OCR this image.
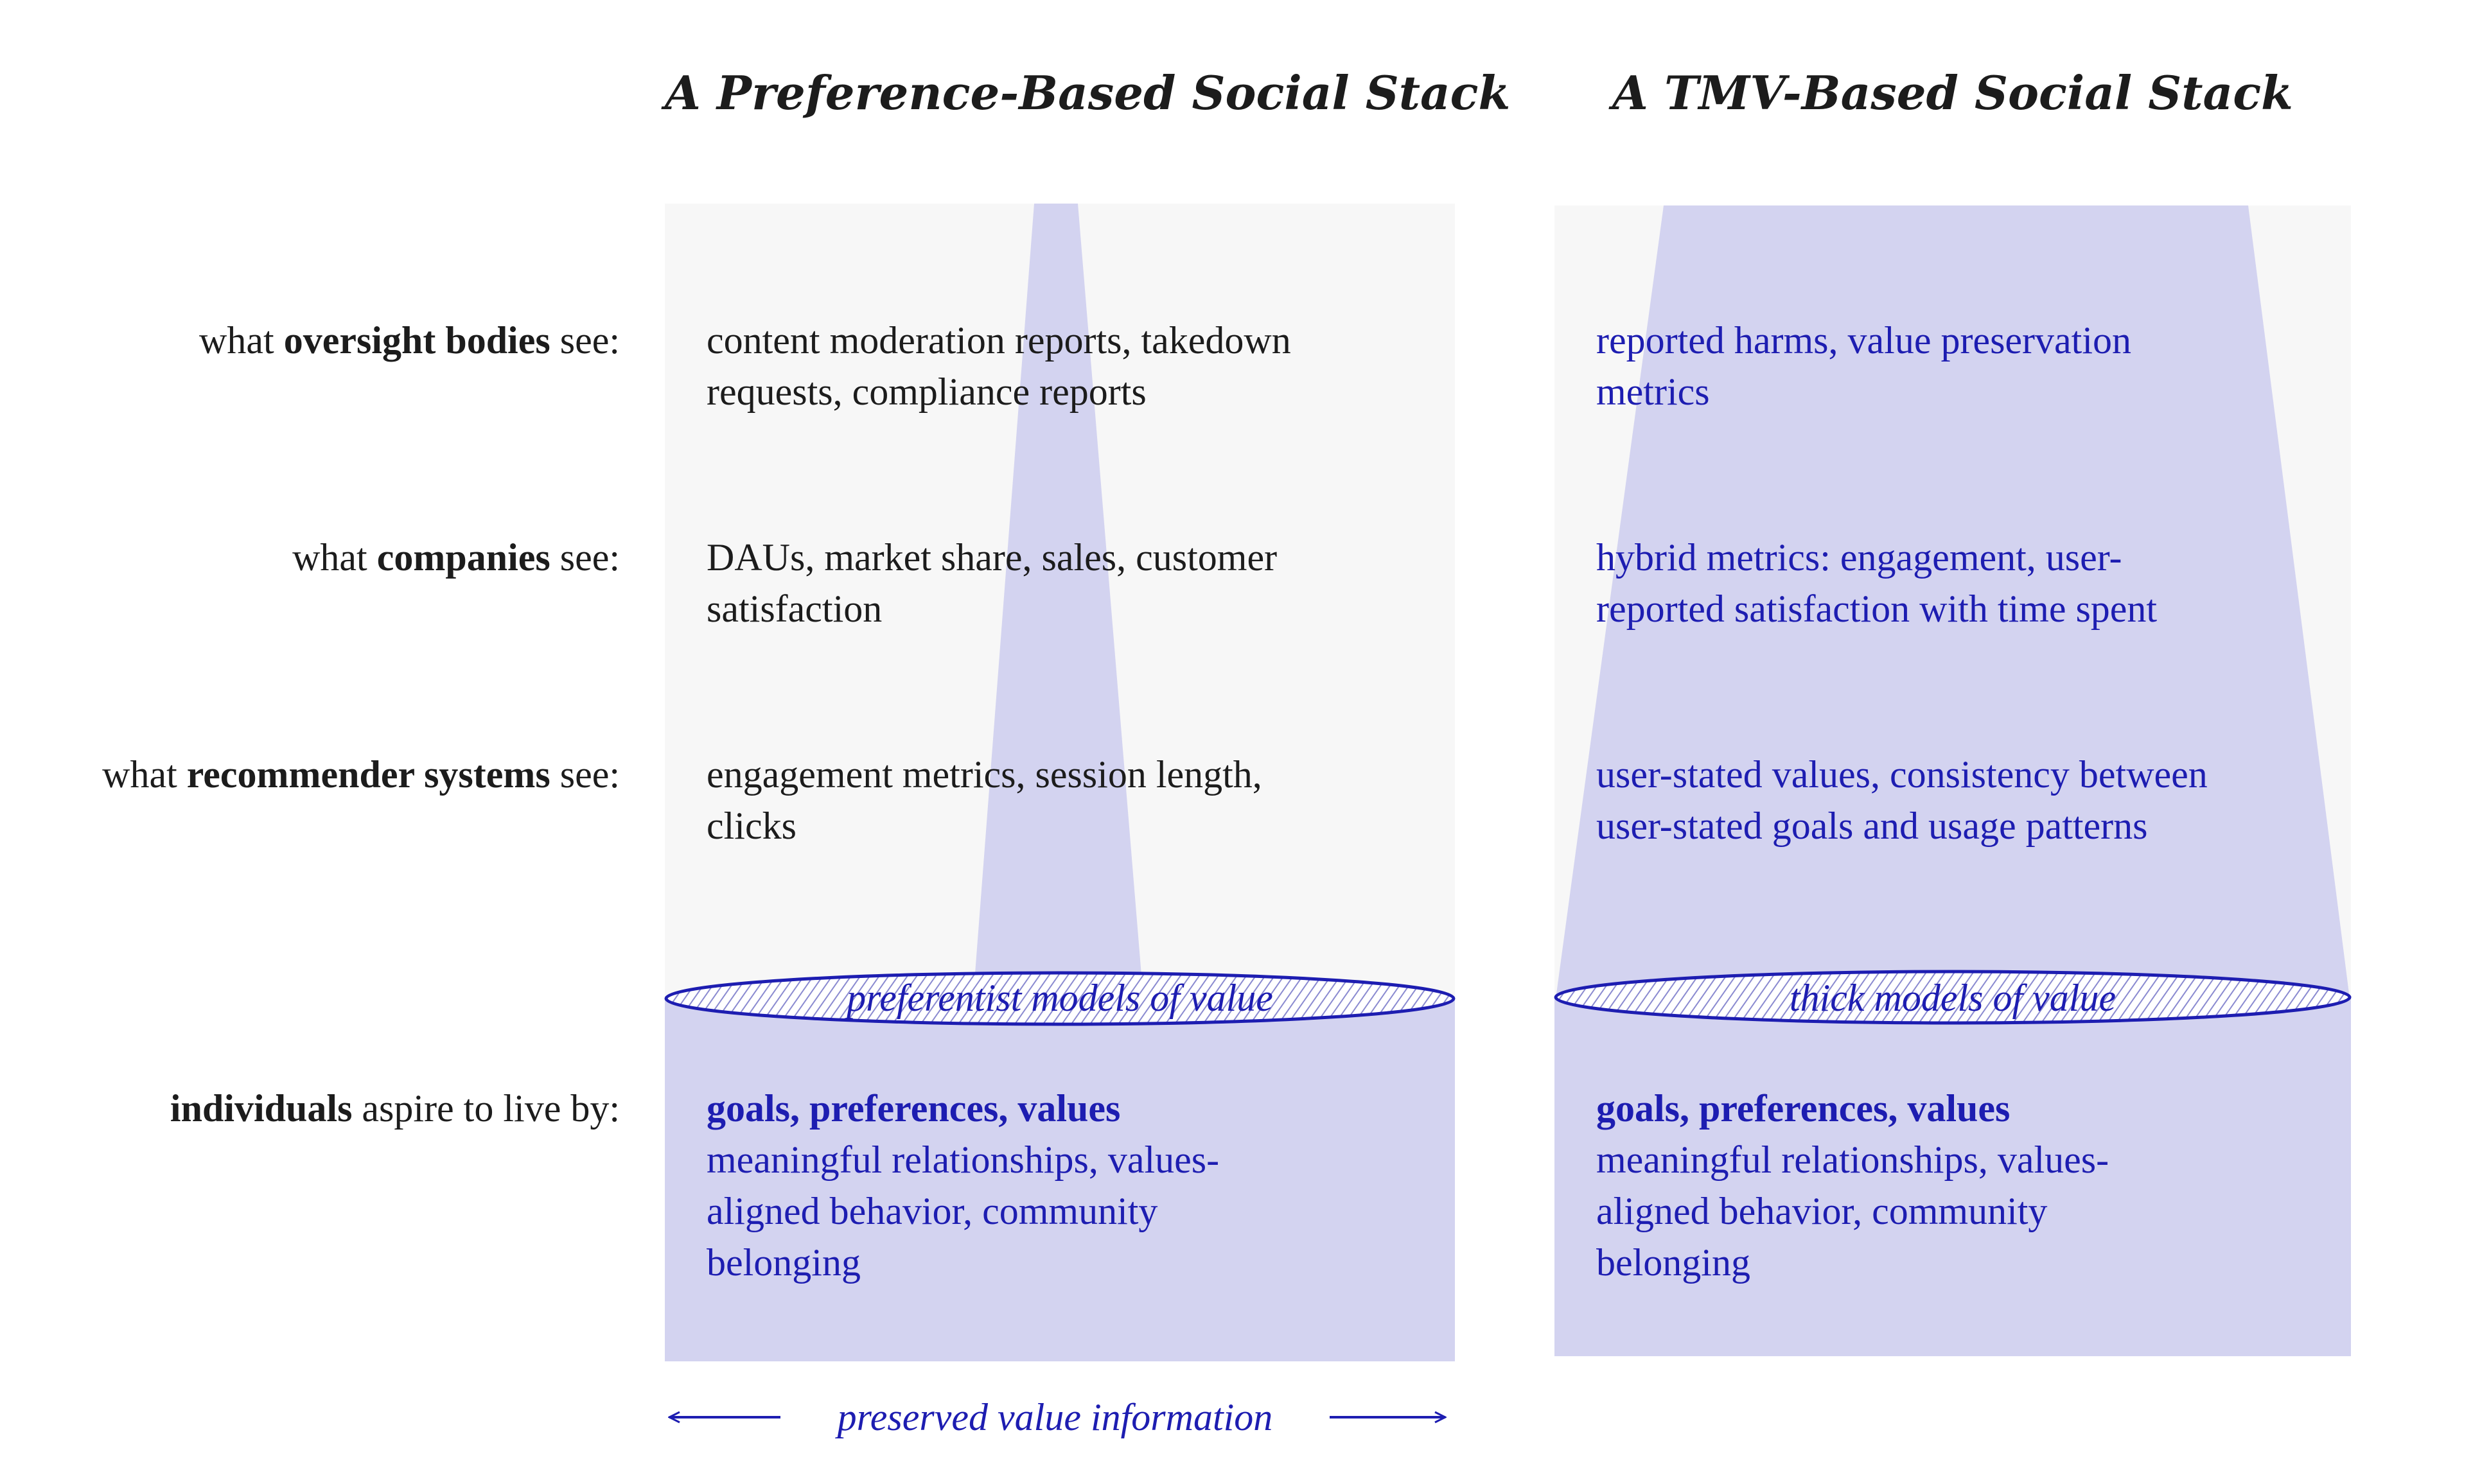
A Preference-Based Social Stack	A TMV-Based Social Stack
what oversight bodies see:
what companies see:
what recommender systems see:
individuals aspire to live by:
content moderation reports, takedown
requests, compliance reports
DAUs, market share, sales, customer
satisfaction
engagement metrics, session length,
clicks
preferentist models of value
goals, preferences, values
meaningful relationships, values-
aligned behavior, community
belonging
reported harms, value preservation
metrics
hybrid metrics: engagement, user-
reported satisfaction with time spent
user-stated values, consistency between
user-stated goals and usage patterns
thick models of value
goals, preferences, values
meaningful relationships, values-
aligned behavior, community
belonging
preserved value information
